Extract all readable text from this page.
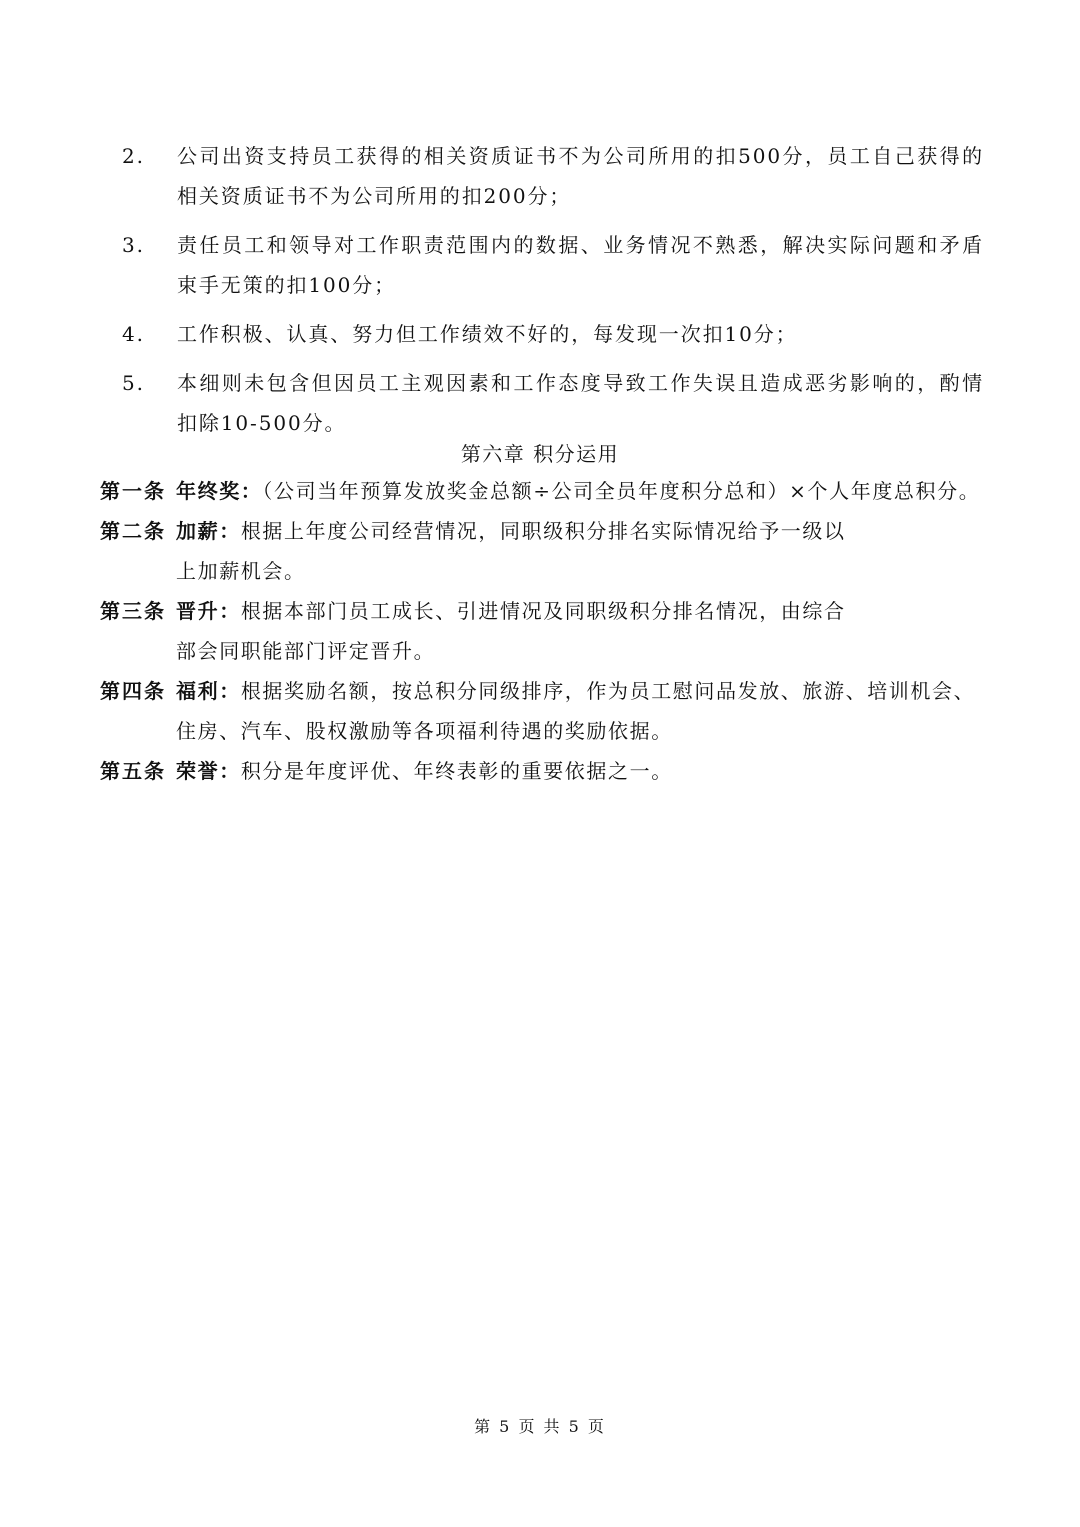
2. 公司出资支持员工获得的相关资质证书不为公司所用的扣500分，员工自己获得的相关资质证书不为公司所用的扣200分；
3. 责任员工和领导对工作职责范围内的数据、业务情况不熟悉，解决实际问题和矛盾束手无策的扣100分；
4. 工作积极、认真、努力但工作绩效不好的，每发现一次扣10分；
5. 本细则未包含但因员工主观因素和工作态度导致工作失误且造成恶劣影响的，酌情扣除10-500分。
第六章 积分运用
第一条 年终奖：（公司当年预算发放奖金总额÷公司全员年度积分总和）×个人年度总积分。
第二条 加薪：根据上年度公司经营情况，同职级积分排名实际情况给予一级以上加薪机会。
第三条 晋升：根据本部门员工成长、引进情况及同职级积分排名情况，由综合部会同职能部门评定晋升。
第四条 福利：根据奖励名额，按总积分同级排序，作为员工慰问品发放、旅游、培训机会、住房、汽车、股权激励等各项福利待遇的奖励依据。
第五条 荣誉：积分是年度评优、年终表彰的重要依据之一。
第 5 页 共 5 页
